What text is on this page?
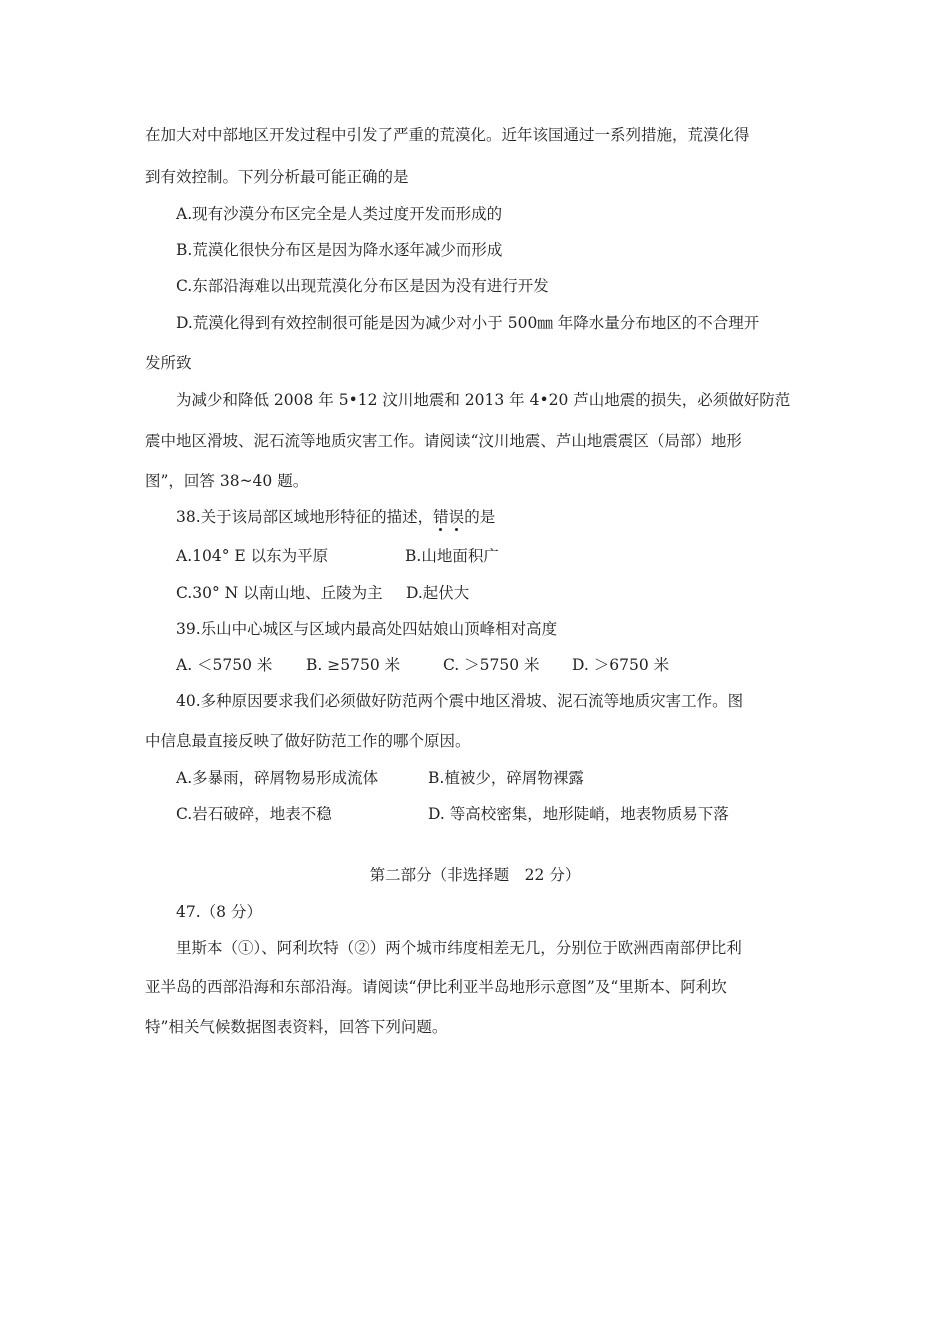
在加大对中部地区开发过程中引发了严重的荒漠化。近年该国通过一系列措施，荒漠化得
到有效控制。下列分析最可能正确的是
A.现有沙漠分布区完全是人类过度开发而形成的
B.荒漠化很快分布区是因为降水逐年减少而形成
C.东部沿海难以出现荒漠化分布区是因为没有进行开发
D.荒漠化得到有效控制很可能是因为减少对小于 500㎜ 年降水量分布地区的不合理开
发所致
为减少和降低 2008 年 5•12 汶川地震和 2013 年 4•20 芦山地震的损失，必须做好防范
震中地区滑坡、泥石流等地质灾害工作。请阅读“汶川地震、芦山地震震区（局部）地形
图”，回答 38~40 题。
38.关于该局部区域地形特征的描述，错误的是
A.104° E 以东为平原	B.山地面积广
C.30° N 以南山地、丘陵为主 D.起伏大
39.乐山中心城区与区域内最高处四姑娘山顶峰相对高度
A. ＜5750 米 B. ≥5750 米	C. ＞5750 米 D. ＞6750 米
40.多种原因要求我们必须做好防范两个震中地区滑坡、泥石流等地质灾害工作。图
中信息最直接反映了做好防范工作的哪个原因。
A.多暴雨，碎屑物易形成流体	B.植被少，碎屑物裸露
C.岩石破碎，地表不稳	D. 等高校密集，地形陡峭，地表物质易下落
第二部分（非选择题　22 分）
47.（8 分）
里斯本（①）、阿利坎特（②）两个城市纬度相差无几，分别位于欧洲西南部伊比利
亚半岛的西部沿海和东部沿海。请阅读“伊比利亚半岛地形示意图”及“里斯本、阿利坎
特”相关气候数据图表资料，回答下列问题。
